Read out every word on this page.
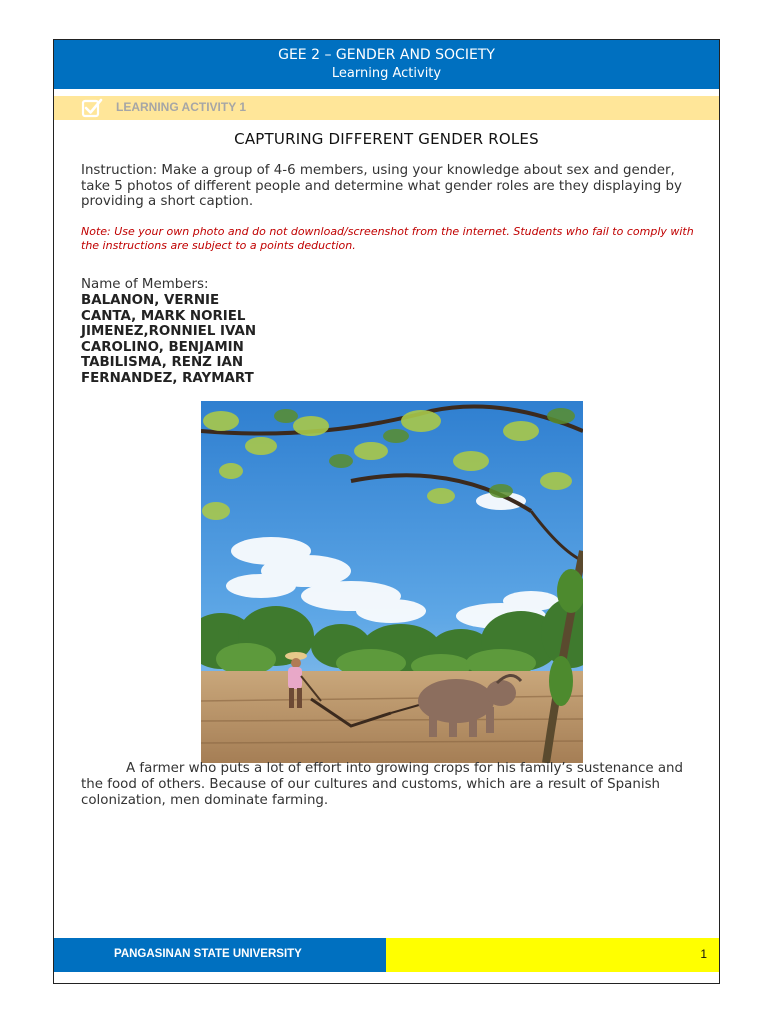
GEE 2 – GENDER AND SOCIETY
Learning Activity
LEARNING ACTIVITY 1
CAPTURING DIFFERENT GENDER ROLES
Instruction: Make a group of 4-6 members, using your knowledge about sex and gender, take 5 photos of different people and determine what gender roles are they displaying by providing a short caption.
Note: Use your own photo and do not download/screenshot from the internet. Students who fail to comply with the instructions are subject to a points deduction.
Name of Members:
BALANON, VERNIE
CANTA, MARK NORIEL
JIMENEZ,RONNIEL IVAN
CAROLINO, BENJAMIN
TABILISMA, RENZ IAN
FERNANDEZ, RAYMART
A farmer who puts a lot of effort into growing crops for his family’s sustenance and the food of others. Because of our cultures and customs, which are a result of Spanish colonization, men dominate farming.
PANGASINAN STATE UNIVERSITY	1
